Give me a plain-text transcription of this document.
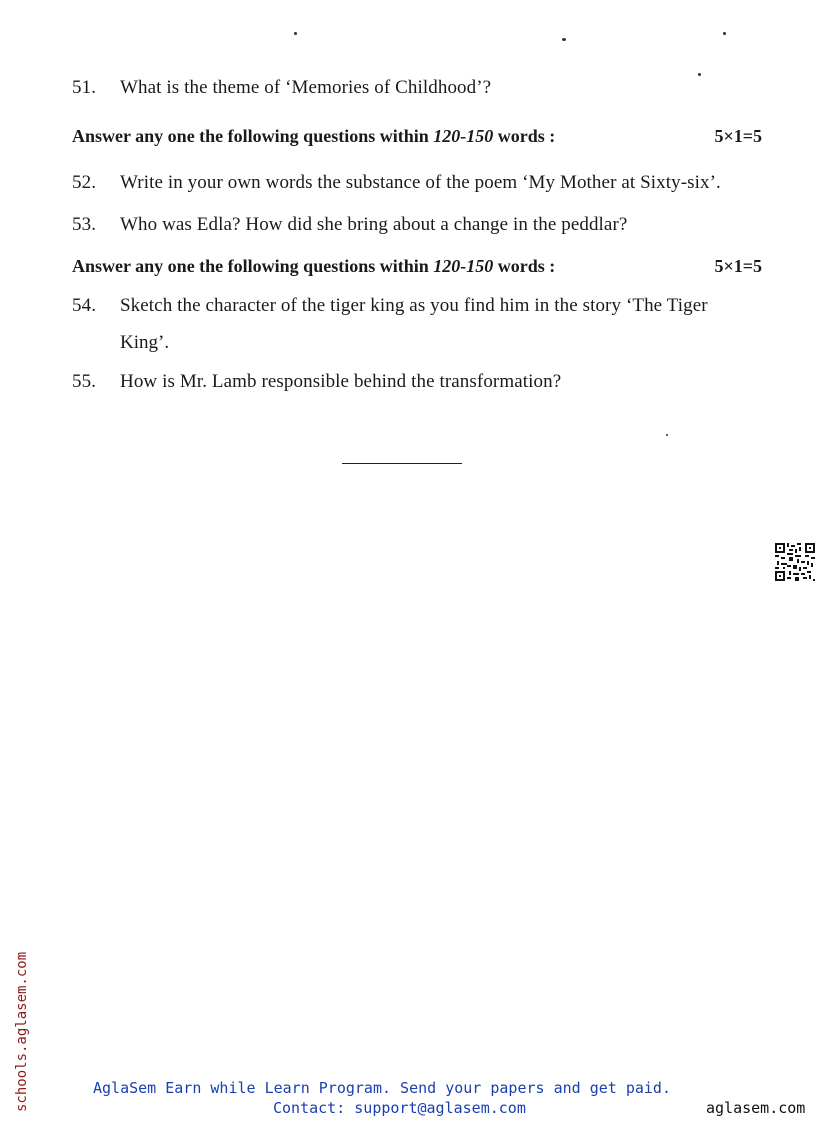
51. What is the theme of ‘Memories of Childhood’?
Answer any one the following questions within 120-150 words :	5×1=5
52. Write in your own words the substance of the poem ‘My Mother at Sixty-six’.
53. Who was Edla? How did she bring about a change in the peddlar?
Answer any one the following questions within 120-150 words :	5×1=5
54. Sketch the character of the tiger king as you find him in the story ‘The Tiger
King’.
55. How is Mr. Lamb responsible behind the transformation?
schools.aglasem.com	AglaSem Earn while Learn Program. Send your papers and get paid.
Contact: support@aglasem.com	aglasem.com
